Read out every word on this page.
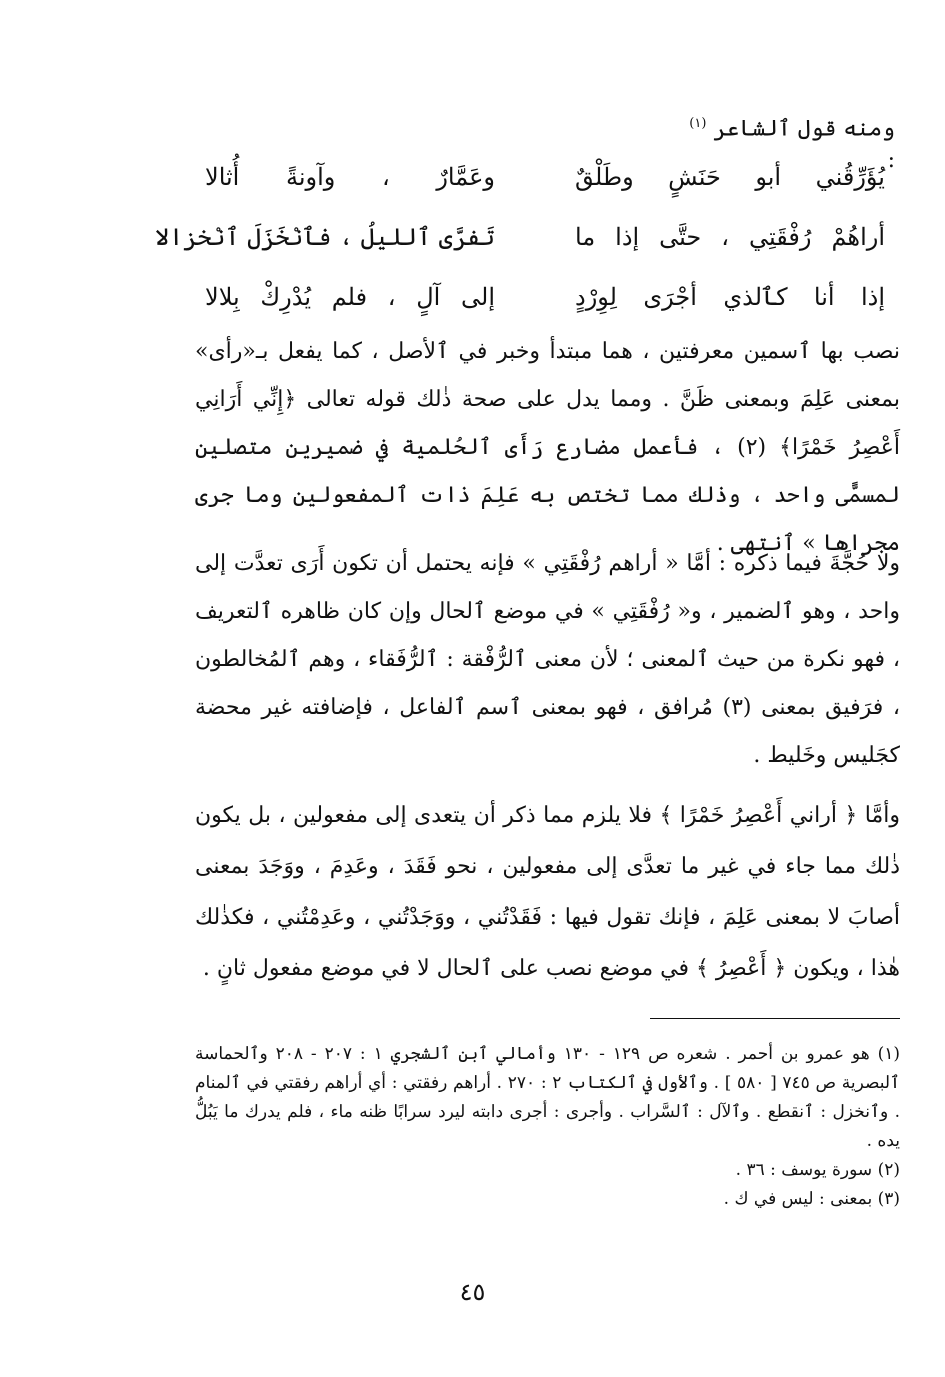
ومنه قول ٱلشاعر $^{(١)}$
:
يُؤَرِّقُني أبو حَنَشٍ وطَلْقٌ
وعَمَّارٌ ، وآونةً أُثالا
أراهُمْ رُفْقَتِي ، حتَّى إذا ما
تَفرَّى ٱلليلُ ، فٱنْخَزَلَ ٱنْخزالا
إذا أنا كٱلذي أجْرَى لِوِرْدٍ
إلى آلٍ ، فلم يُدْرِكْ بِلالا

نصب بها ٱسمين معرفتين ، هما مبتدأ وخبر في ٱلأصل ، كما يفعل بـ«رأى» بمعنى عَلِمَ وبمعنى ظَنَّ . ومما يدل على صحة ذٰلك قوله تعالى ﴿إِنِّي أَرَانِي أَعْصِرُ خَمْرًا﴾ (٢) ، فأعمل مضارع رَأَى ٱلحُلمية في ضميرين متصلين لمسمًّى واحد ، وذٰلك مما تختص به عَلِمَ ذات ٱلمفعولين وما جرى مجراها » ٱنتهى .

ولا حُجَّةَ فيما ذكره : أمَّا « أراهم رُفْقَتِي » فإنه يحتمل أن تكون أَرَى تعدَّت إلى واحد ، وهو ٱلضمير ، و« رُفْقَتِي » في موضع ٱلحال وإن كان ظاهره ٱلتعريف ، فهو نكرة من حيث ٱلمعنى ؛ لأن معنى ٱلرُّفْقة : ٱلرُّفَقاء ، وهم ٱلمُخالطون ، فرَفيق بمعنى (٣) مُرافق ، فهو بمعنى ٱسم ٱلفاعل ، فإضافته غير محضة كجَليس وخَليط .

وأمَّا ﴿ أراني أَعْصِرُ خَمْرًا ﴾ فلا يلزم مما ذكر أن يتعدى إلى مفعولين ، بل يكون ذٰلك مما جاء في غير ما تعدَّى إلى مفعولين ، نحو فَقَدَ ، وعَدِمَ ، ووَجَدَ بمعنى أصابَ لا بمعنى عَلِمَ ، فإنك تقول فيها : فَقَدْتُني ، ووَجَدْتُني ، وعَدِمْتُني ، فكذٰلك هٰذا ، ويكون ﴿ أَعْصِرُ ﴾ في موضع نصب على ٱلحال لا في موضع مفعول ثانٍ .

(١) هو عمرو بن أحمر . شعره ص ١٢٩ - ١٣٠ وأمالي ٱبن ٱلشجري ١ : ٢٠٧ - ٢٠٨ وٱلحماسة ٱلبصرية ص ٧٤٥ [ ٥٨٠ ] . وٱلأول في ٱلكتاب ٢ : ٢٧٠ . أراهم رفقتي : أي أراهم رفقتي في ٱلمنام . وٱنخزل : ٱنقطع . وٱلآل : ٱلسَّراب . وأجرى : أجرى دابته ليرد سرابًا ظنه ماء ، فلم يدرك ما يَبُلُّ يده .

(٢) سورة يوسف : ٣٦ .

(٣) بمعنى : ليس في ك .

٤٥
